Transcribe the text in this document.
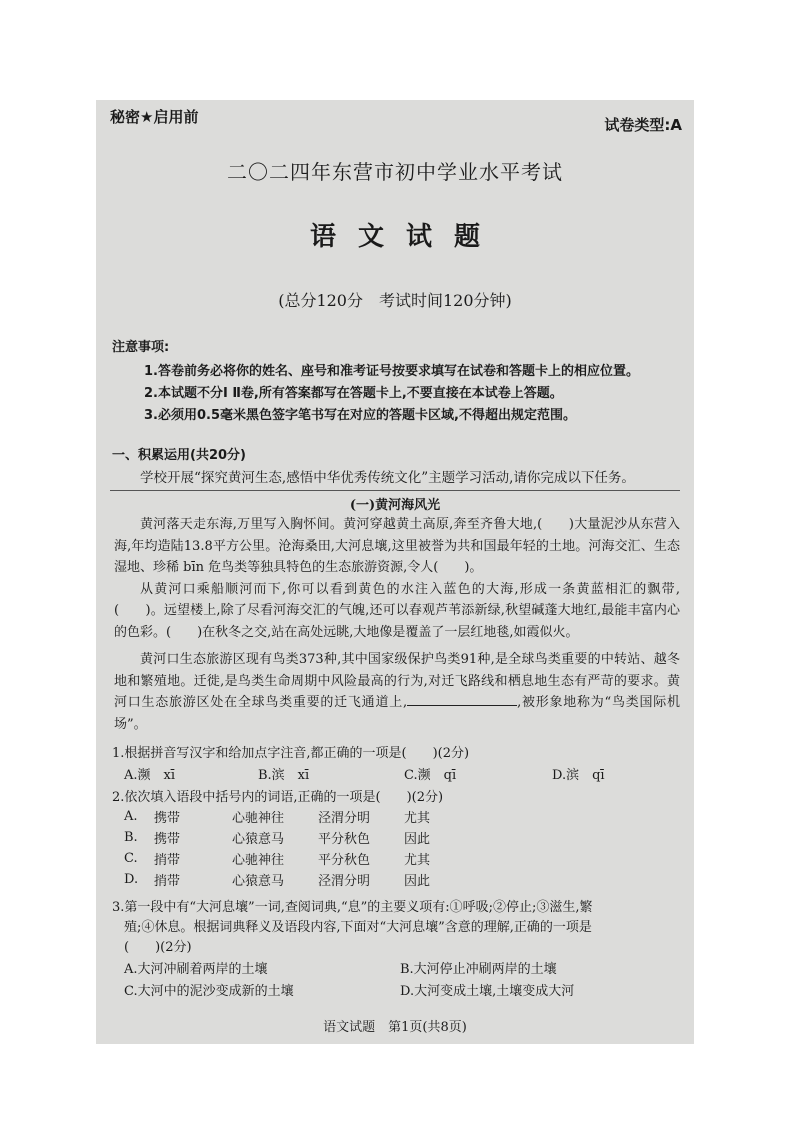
秘密★启用前	试卷类型:A
二〇二四年东营市初中学业水平考试
语文试题
(总分120分　考试时间120分钟)
注意事项:
1.答卷前务必将你的姓名、座号和准考证号按要求填写在试卷和答题卡上的相应位置。
2.本试题不分Ⅰ Ⅱ卷,所有答案都写在答题卡上,不要直接在本试卷上答题。
3.必须用0.5毫米黑色签字笔书写在对应的答题卡区域,不得超出规定范围。
一、积累运用(共20分)
学校开展“探究黄河生态,感悟中华优秀传统文化”主题学习活动,请你完成以下任务。
(一)黄河海风光

黄河落天走东海,万里写入胸怀间。黄河穿越黄土高原,奔至齐鲁大地,(　　)大量泥沙从东营入海,年均造陆13.8平方公里。沧海桑田,大河息壤,这里被誉为共和国最年轻的土地。河海交汇、生态湿地、珍稀 bīn 危鸟类等独具特色的生态旅游资源,令人(　　)。

从黄河口乘船顺河而下,你可以看到黄色的水注入蓝色的大海,形成一条黄蓝相汇的飘带,(　　)。远望楼上,除了尽看河海交汇的气魄,还可以春观芦苇添新绿,秋望碱蓬大地红,最能丰富内心的色彩。(　　)在秋冬之交,站在高处远眺,大地像是覆盖了一层红地毯,如霞似火。

黄河口生态旅游区现有鸟类373种,其中国家级保护鸟类91种,是全球鸟类重要的中转站、越冬地和繁殖地。迁徙,是鸟类生命周期中风险最高的行为,对迁飞路线和栖息地生态有严苛的要求。黄河口生态旅游区处在全球鸟类重要的迁飞通道上,	,被形象地称为“鸟类国际机场”。

1.根据拼音写汉字和给加点字注音,都正确的一项是(　　)(2分)
A.濒　xī	B.滨　xī	C.濒　qī	D.滨　qī
2.依次填入语段中括号内的词语,正确的一项是(　　)(2分)
A.	携带	心驰神往	泾渭分明	尤其
B.	携带	心猿意马	平分秋色	因此
C.	捎带	心驰神往	平分秋色	尤其
D.	捎带	心猿意马	泾渭分明	因此
3.第一段中有“大河息壤”一词,查阅词典,“息”的主要义项有:①呼吸;②停止;③滋生,繁
殖;④休息。根据词典释义及语段内容,下面对“大河息壤”含意的理解,正确的一项是
(　　)(2分)
A.大河冲刷着两岸的土壤	B.大河停止冲刷两岸的土壤
C.大河中的泥沙变成新的土壤	D.大河变成土壤,土壤变成大河
语文试题　第1页(共8页)
